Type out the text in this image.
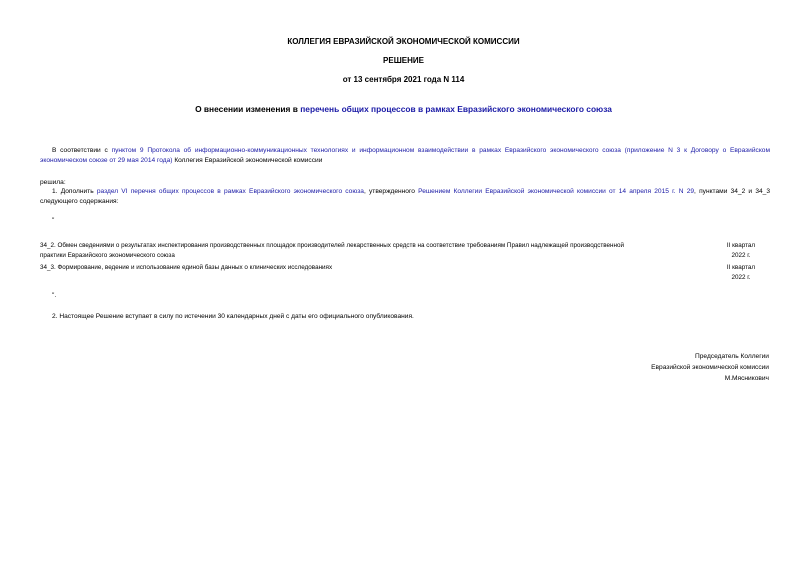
КОЛЛЕГИЯ ЕВРАЗИЙСКОЙ ЭКОНОМИЧЕСКОЙ КОМИССИИ
РЕШЕНИЕ
от 13 сентября 2021 года N 114
О внесении изменения в перечень общих процессов в рамках Евразийского экономического союза
В соответствии с пунктом 9 Протокола об информационно-коммуникационных технологиях и информационном взаимодействии в рамках Евразийского экономического союза (приложение N 3 к Договору о Евразийском экономическом союзе от 29 мая 2014 года) Коллегия Евразийской экономической комиссии
решила:
1. Дополнить раздел VI перечня общих процессов в рамках Евразийского экономического союза, утвержденного Решением Коллегии Евразийской экономической комиссии от 14 апреля 2015 г. N 29, пунктами 34_2 и 34_3 следующего содержания:
"
34_2. Обмен сведениями о результатах инспектирования производственных площадок производителей лекарственных средств на соответствие требованиям Правил надлежащей производственной практики Евразийского экономического союза
II квартал
2022 г.
34_3. Формирование, ведение и использование единой базы данных о клинических исследованиях	II квартал
2022 г.
".
2. Настоящее Решение вступает в силу по истечении 30 календарных дней с даты его официального опубликования.
Председатель Коллегии
Евразийской экономической комиссии
М.Мясникович
